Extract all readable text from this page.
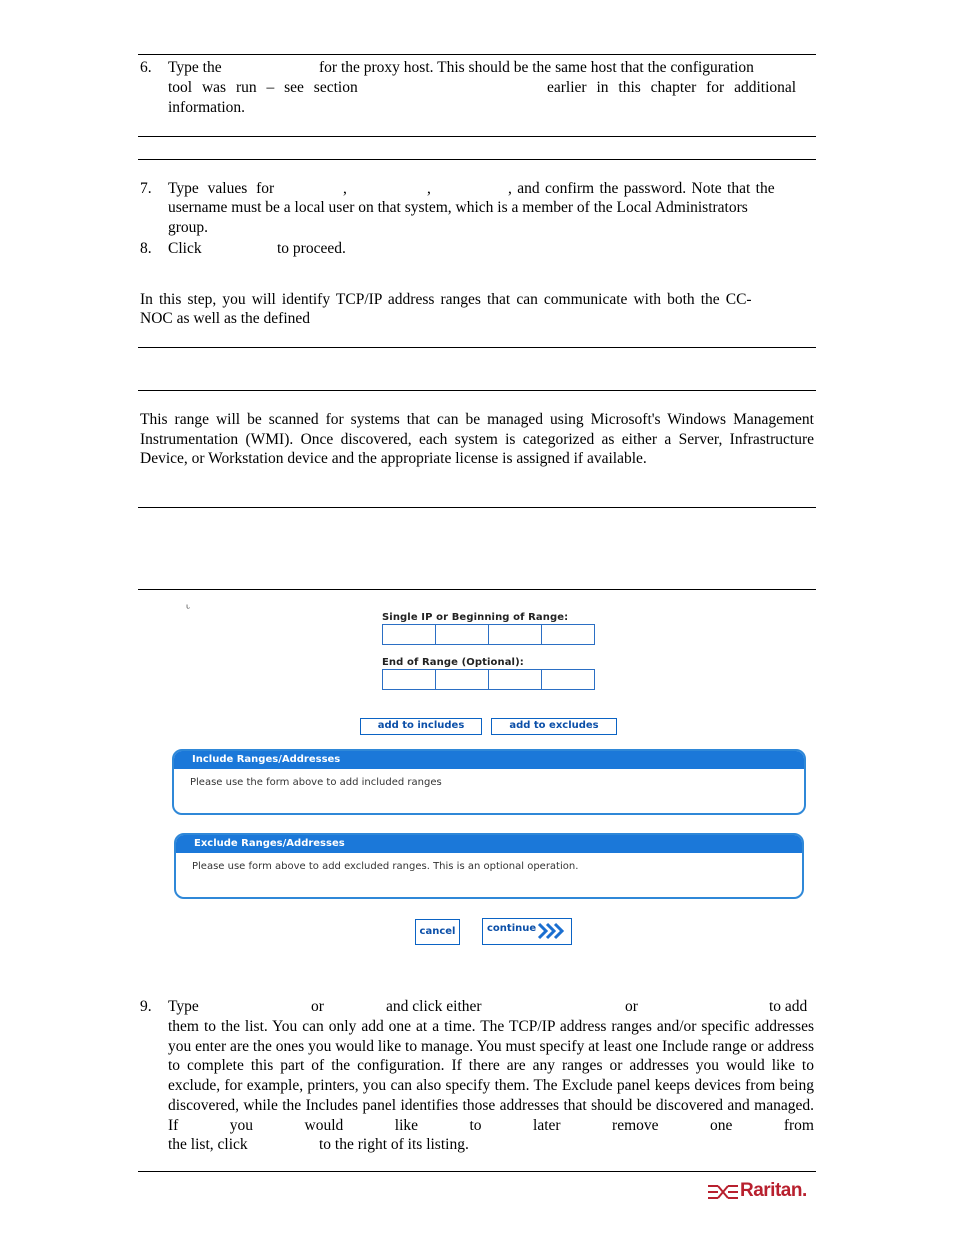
6. Type the	for the proxy host. This should be the same host that the configuration
tool was run – see section	earlier in this chapter for additional
information.
7. Type values for	,	,	, and confirm the password. Note that the
username must be a local user on that system, which is a member of the Local Administrators
group.
8. Click	to proceed.
In this step, you will identify TCP/IP address ranges that can communicate with both the CC-
NOC as well as the defined
This range will be scanned for systems that can be managed using Microsoft's Windows Management Instrumentation (WMI). Once discovered, each system is categorized as either a Server, Infrastructure Device, or Workstation device and the appropriate license is assigned if available.
ᒡ
Single IP or Beginning of Range:
End of Range (Optional):
add to includes	add to excludes
Include Ranges/Addresses
Please use the form above to add included ranges
Exclude Ranges/Addresses
Please use form above to add excluded ranges. This is an optional operation.
cancel	continue
9. Type	or	and click either	or	to add
them to the list. You can only add one at a time. The TCP/IP address ranges and/or specific addresses you enter are the ones you would like to manage. You must specify at least one Include range or address to complete this part of the configuration. If there are any ranges or addresses you would like to exclude, for example, printers, you can also specify them. The Exclude panel keeps devices from being discovered, while the Includes panel identifies those addresses that should be discovered and managed. If you would like to later remove one from
the list, click	to the right of its listing.
Raritan.
